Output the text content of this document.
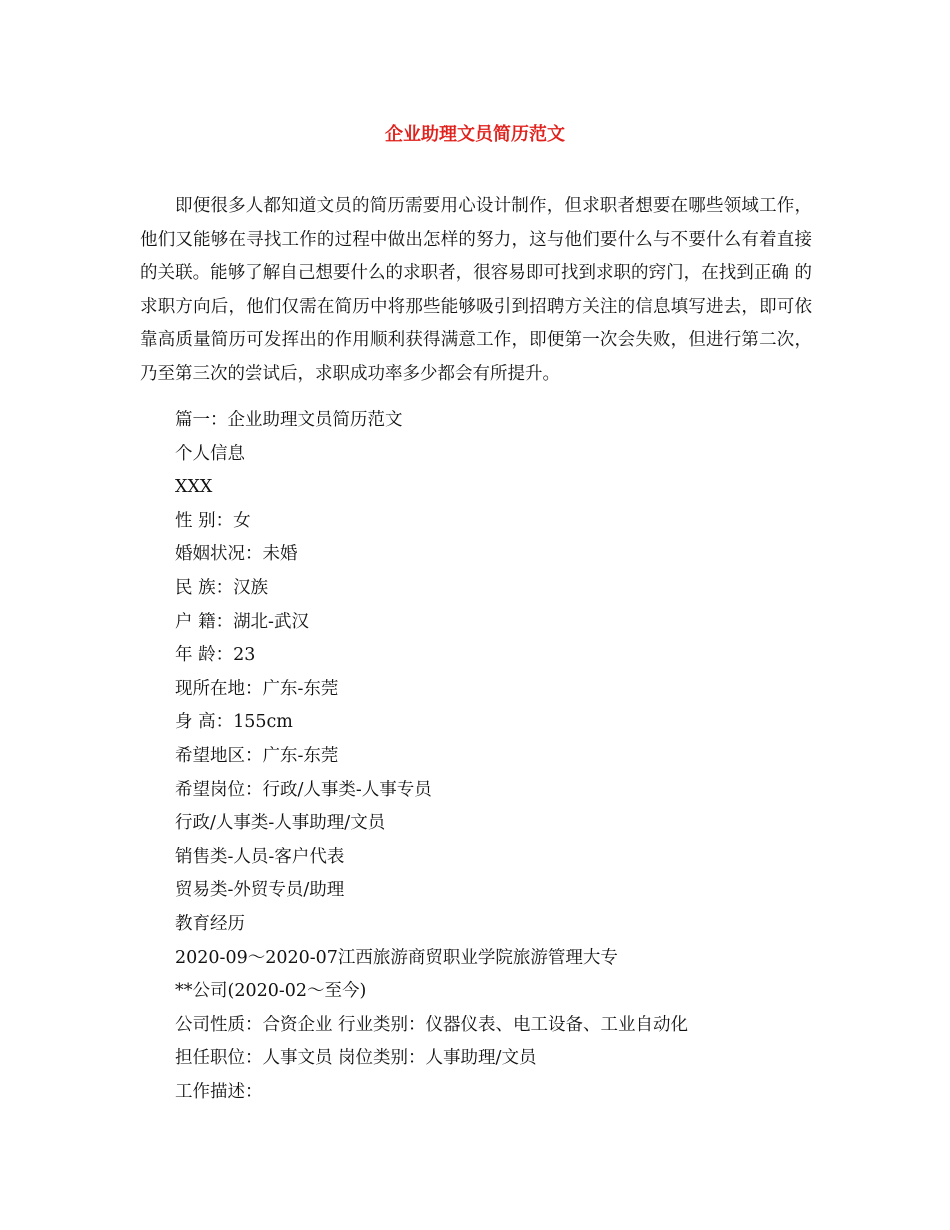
企业助理文员简历范文

即便很多人都知道文员的简历需要用心设计制作，但求职者想要在哪些领域工作，他们又能够在寻找工作的过程中做出怎样的努力，这与他们要什么与不要什么有着直接的关联。能够了解自己想要什么的求职者，很容易即可找到求职的窍门，在找到正确 的求职方向后，他们仅需在简历中将那些能够吸引到招聘方关注的信息填写进去，即可依靠高质量简历可发挥出的作用顺利获得满意工作，即便第一次会失败，但进行第二次，乃至第三次的尝试后，求职成功率多少都会有所提升。

篇一：企业助理文员简历范文
个人信息
XXX
性 别：女
婚姻状况：未婚
民 族：汉族
户 籍：湖北-武汉
年 龄：23
现所在地：广东-东莞
身 高：155cm
希望地区：广东-东莞
希望岗位：行政/人事类-人事专员
行政/人事类-人事助理/文员
销售类-人员-客户代表
贸易类-外贸专员/助理
教育经历
2020-09～2020-07江西旅游商贸职业学院旅游管理大专
**公司(2020-02～至今)
公司性质：合资企业 行业类别：仪器仪表、电工设备、工业自动化
担任职位：人事文员 岗位类别：人事助理/文员
工作描述：
